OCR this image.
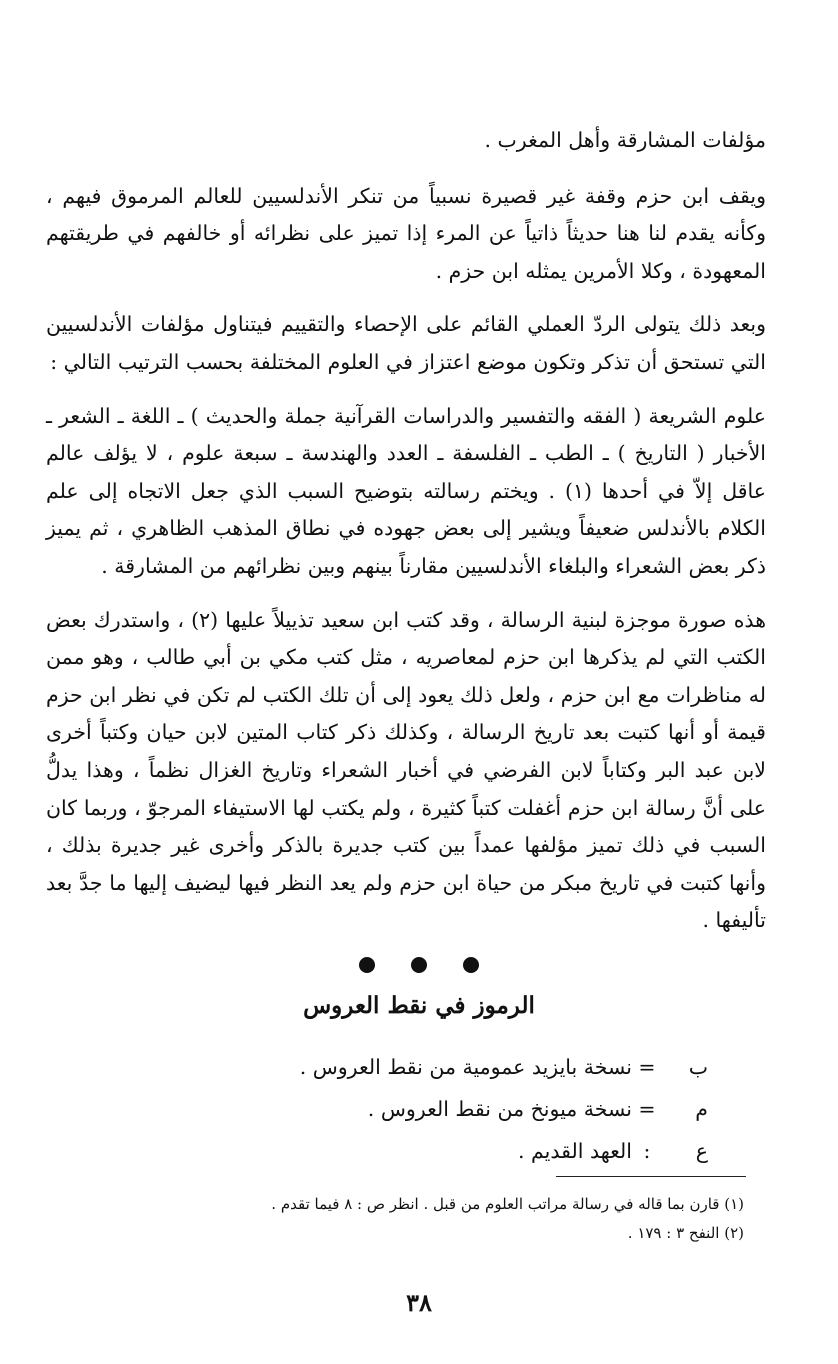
مؤلفات المشارقة وأهل المغرب .

ويقف ابن حزم وقفة غير قصيرة نسبياً من تنكر الأندلسيين للعالم المرموق فيهم ، وكأنه يقدم لنا هنا حديثاً ذاتياً عن المرء إذا تميز على نظرائه أو خالفهم في طريقتهم المعهودة ، وكلا الأمرين يمثله ابن حزم .

وبعد ذلك يتولى الردّ العملي القائم على الإحصاء والتقييم فيتناول مؤلفات الأندلسيين التي تستحق أن تذكر وتكون موضع اعتزاز في العلوم المختلفة بحسب الترتيب التالي :

علوم الشريعة ( الفقه والتفسير والدراسات القرآنية جملة والحديث ) ـ اللغة ـ الشعر ـ الأخبار ( التاريخ ) ـ الطب ـ الفلسفة ـ العدد والهندسة ـ سبعة علوم ، لا يؤلف عالم عاقل إلاّ في أحدها (١) . ويختم رسالته بتوضيح السبب الذي جعل الاتجاه إلى علم الكلام بالأندلس ضعيفاً ويشير إلى بعض جهوده في نطاق المذهب الظاهري ، ثم يميز ذكر بعض الشعراء والبلغاء الأندلسيين مقارناً بينهم وبين نظرائهم من المشارقة .

هذه صورة موجزة لبنية الرسالة ، وقد كتب ابن سعيد تذييلاً عليها (٢) ، واستدرك بعض الكتب التي لم يذكرها ابن حزم لمعاصريه ، مثل كتب مكي بن أبي طالب ، وهو ممن له مناظرات مع ابن حزم ، ولعل ذلك يعود إلى أن تلك الكتب لم تكن في نظر ابن حزم قيمة أو أنها كتبت بعد تاريخ الرسالة ، وكذلك ذكر كتاب المتين لابن حيان وكتباً أخرى لابن عبد البر وكتاباً لابن الفرضي في أخبار الشعراء وتاريخ الغزال نظماً ، وهذا يدلُّ على أنَّ رسالة ابن حزم أغفلت كتباً كثيرة ، ولم يكتب لها الاستيفاء المرجوّ ، وربما كان السبب في ذلك تميز مؤلفها عمداً بين كتب جديرة بالذكر وأخرى غير جديرة بذلك ، وأنها كتبت في تاريخ مبكر من حياة ابن حزم ولم يعد النظر فيها ليضيف إليها ما جدَّ بعد تأليفها .

الرموز في نقط العروس
ب
=
نسخة بايزيد عمومية من نقط العروس .
م
=
نسخة ميونخ من نقط العروس .
ع
:
العهد القديم .
(١) قارن بما قاله في رسالة مراتب العلوم من قبل . انظر ص : ٨ فيما تقدم .
(٢) النفح ٣ : ١٧٩ .
٣٨
